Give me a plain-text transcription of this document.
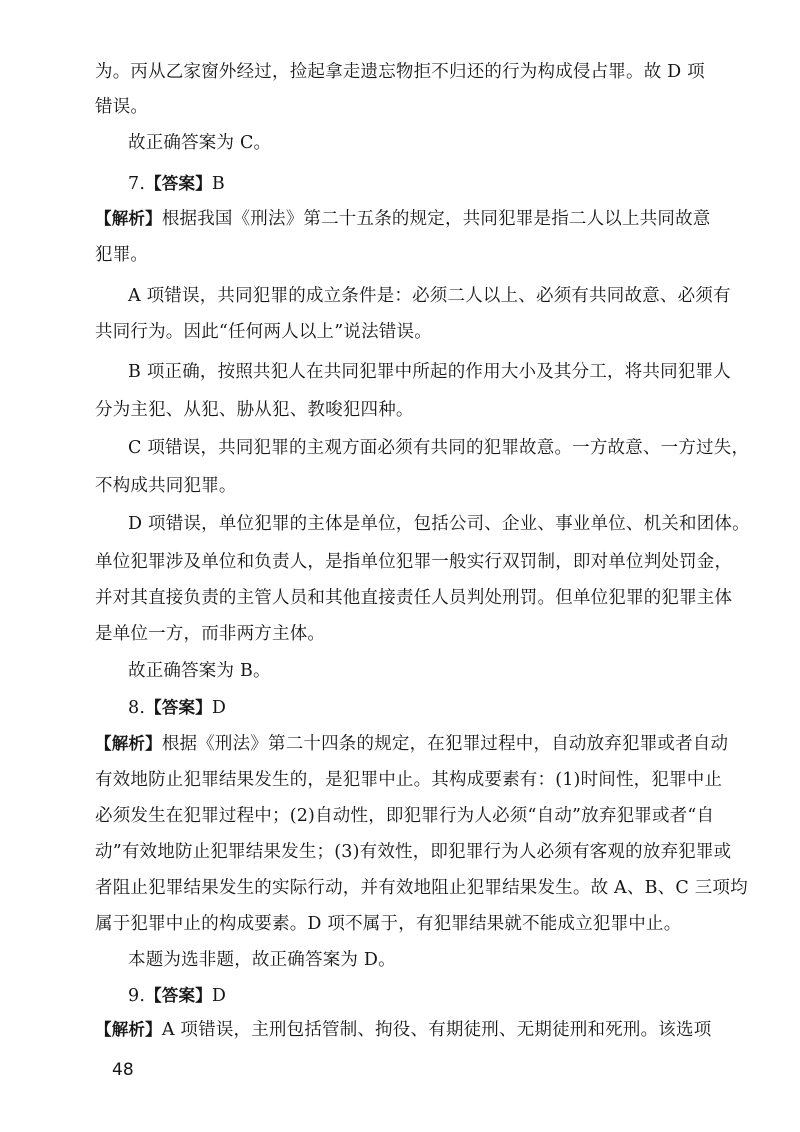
为。丙从乙家窗外经过，捡起拿走遗忘物拒不归还的行为构成侵占罪。故 D 项
错误。
故正确答案为 C。
7.【答案】B
【解析】根据我国《刑法》第二十五条的规定，共同犯罪是指二人以上共同故意
犯罪。
A 项错误，共同犯罪的成立条件是：必须二人以上、必须有共同故意、必须有
共同行为。因此“任何两人以上”说法错误。
B 项正确，按照共犯人在共同犯罪中所起的作用大小及其分工，将共同犯罪人
分为主犯、从犯、胁从犯、教唆犯四种。
C 项错误，共同犯罪的主观方面必须有共同的犯罪故意。一方故意、一方过失，
不构成共同犯罪。
D 项错误，单位犯罪的主体是单位，包括公司、企业、事业单位、机关和团体。
单位犯罪涉及单位和负责人，是指单位犯罪一般实行双罚制，即对单位判处罚金，
并对其直接负责的主管人员和其他直接责任人员判处刑罚。但单位犯罪的犯罪主体
是单位一方，而非两方主体。
故正确答案为 B。
8.【答案】D
【解析】根据《刑法》第二十四条的规定，在犯罪过程中，自动放弃犯罪或者自动
有效地防止犯罪结果发生的，是犯罪中止。其构成要素有：(1)时间性，犯罪中止
必须发生在犯罪过程中；(2)自动性，即犯罪行为人必须“自动”放弃犯罪或者“自
动”有效地防止犯罪结果发生；(3)有效性，即犯罪行为人必须有客观的放弃犯罪或
者阻止犯罪结果发生的实际行动，并有效地阻止犯罪结果发生。故 A、B、C 三项均
属于犯罪中止的构成要素。D 项不属于，有犯罪结果就不能成立犯罪中止。
本题为选非题，故正确答案为 D。
9.【答案】D
【解析】A 项错误，主刑包括管制、拘役、有期徒刑、无期徒刑和死刑。该选项
48
